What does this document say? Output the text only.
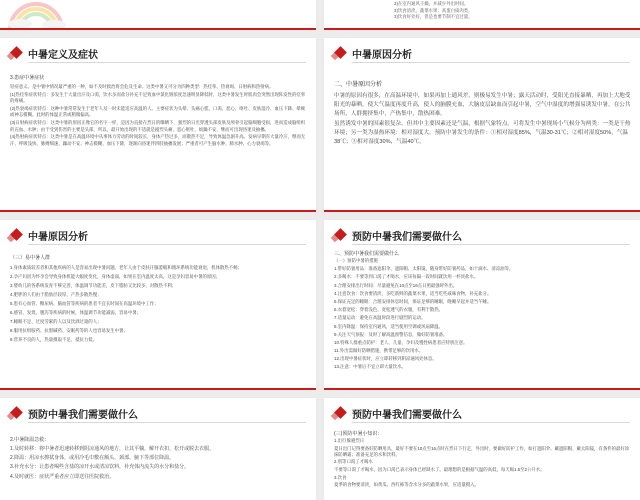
3)在室内通风干燥，并减少外出时间。

3)饮食清淡，蔬菜水果；高蛋白质肉类。

3)饮食好处好，但是也要节制不宜过量。

中暑定义及症状

3.患症中暑症状

轻症意义。是中暑中情况最严重的一种，如不及时救治将会危及生命。这类中暑又可分为四种类型：热痉挛、热衰竭、日射病和热射病。

(1)热痉挛症状特点：多发生于大量出汗及口渴，饮水多而盐分补充不足致血中氯化钠浓度急速明显降低时，这类中暑发生时肌肉会突然出现阵发性的痉挛的疼痛。

(2)热衰竭症状特点：这种中暑常常发生于老年人及一时未能适应高温的人。主要症状为头晕、头痛心慌、口渴、恶心、呕吐、皮肤湿冷、血压下降、晕厥或神志模糊。此时的体温正常或稍微偏高。

(3)日射病症状特点：这类中暑的原因正像它的名字一样，是因为直接在烈日的曝晒下，强烈的日光穿透头部皮肤及颅骨引起脑细胞受损，进而造成脑组织的充血、水肿；由于受到伤害的主要是头部，所以，最开始出现的不适就是剧烈头痛、恶心呕吐、烦躁不安，继而可出现昏迷及抽搐。

(4)热射病症状特点：这类中暑是在高温环境中从事体力劳动的时间较长，身体产热过多，而散热不足，导致体温急剧升高。发病早期有大量冷汗，继而无汗、呼吸浅快、脉搏细速、躁动不安、神志模糊、血压下降，逐渐向昏迷伴四肢抽搐发展；严重者可产生脑水肿、肺水肿、心力衰竭等。

中暑原因分析

二、中暑原因分析

中暑的原因有很多，在高温环境中，如果再加上通风差，则极易发生中暑；露天活动时，受阳光直接暴晒，再加上大地受阳光的暴晒，使大气温度再度升高，使人的脑膜充血，大脑皮层缺血而引起中暑，空气中湿度的增强易诱发中暑，在公共场所，人群拥挤集中，产热集中，散热困难。

虽然诱发中暑的因素很复杂，但其中主要因素还是气温，根据气象特点，可将发生中暑现场小气候分为两类：一类是干热环境；另一类为湿热环境：相对湿度大。预防中暑发生的条件：①相对湿度85%，气温30-31℃；②相对湿度50%，气温38℃；③相对湿度30%，气温40℃。

中暑原因分析

（三）易中暑人群

1.身体素质较差者和其他疾病的人是容易出现中暑问题。老年人由于皮肤汗腺萎缩和循环系统功能衰退，机体散热不畅；

2.孕产妇因为怀孕会导致身体机能大幅度变化，身体虚弱，如果在室内温度太高，这是孕妇容易中暑的原因；

3.婴幼儿的各系统发育不够完善，体温调节功能差，皮下脂肪又比较多，对散热不利；

4.肥胖的人们由于脂肪层较厚，产热多散热慢；

5.患有心血管、糖尿病、脑血管等疾病的患者不宜长时间在高温环境中工作；

6.感冒、发烧、腹泻等疾病的时候，体温调节功能减弱，容易中暑；

7.睡眠不足、过度劳累的人以及饮酒过量的人；

8.服用抗组胺药、抗胆碱药、安眠药等的人也容易发生中暑；

9.营养不良的人，热量摄取不足，抵抗力低。

预防中暑我们需要做什么

三、预防中暑我们需要做什么

（一）预防中暑的措施

1.带好防暑用品：准备遮阳伞、遮阳帽、太阳镜，随身带好防暑药品，如十滴水、清凉油等。

2.多喝水：不要等到口渴了才喝水，应该每隔一段时间就饮用一杯淡盐水。

3.合理安排出行时间：尽量避免在10点至16点日照最强时外出。

4.注意饮食：饮食要清淡，多吃新鲜的蔬菜水果，适当吃些咸味食物，补充盐分。

5.保证充足的睡眠：合理安排休息时间，保证足够的睡眠，晚睡早起并适当午睡。

6.衣着宽松：穿着浅色、宽松透气的衣服，有利于散热。

7.适量运动：避免在高温时段进行剧烈的运动。

8.室内降温：保持室内通风，适当使用空调或风扇降温。

9.关注天气预报：及时了解高温预警信息，做好防暑准备。

10.特殊人群重点防护：老人、儿童、孕妇及慢性病患者应特别注意。

11.外出需做好防晒措施，携带足够的饮用水。

12.出现中暑症状时，应立即转移到阴凉通风处休息。

13.注意：中暑后不宜立即大量饮水。

预防中暑我们需要做什么

2.中暑降温急救：

1.及时转移：将中暑者迅速转移到阴凉通风的地方，让其平躺，解开衣扣，松开或脱去衣服。

2.降温：用凉水擦拭身体，或用冷毛巾敷在额头、颈部、腋下等部位降温。

3.补充水分：让患者喝些含盐的凉开水或清凉饮料，补充体内流失的水分和盐分。

4.及时就医：症状严重者应立即送往医院救治。

预防中暑我们需要做什么

(三)预防中暑小知识：

1.出行躲避烈日

夏日出门记得要备好防晒用具，最好不要在10点至16点时在烈日下行走，外出时，要做好防护工作，如打遮阳伞、戴遮阳帽、戴太阳镜，有条件的最好涂抹防晒霜；准备充足的水和饮料。

2.别等口渴了才喝水

不要等口渴了才喝水，因为口渴已表示身体已经缺水了。最理想的是根据气温的高低，每天喝1.5至2公升水。

3.饮食

夏季的食物要清淡，如黄瓜、西红柿等含水分多的蔬菜水果，应适量摄入。
